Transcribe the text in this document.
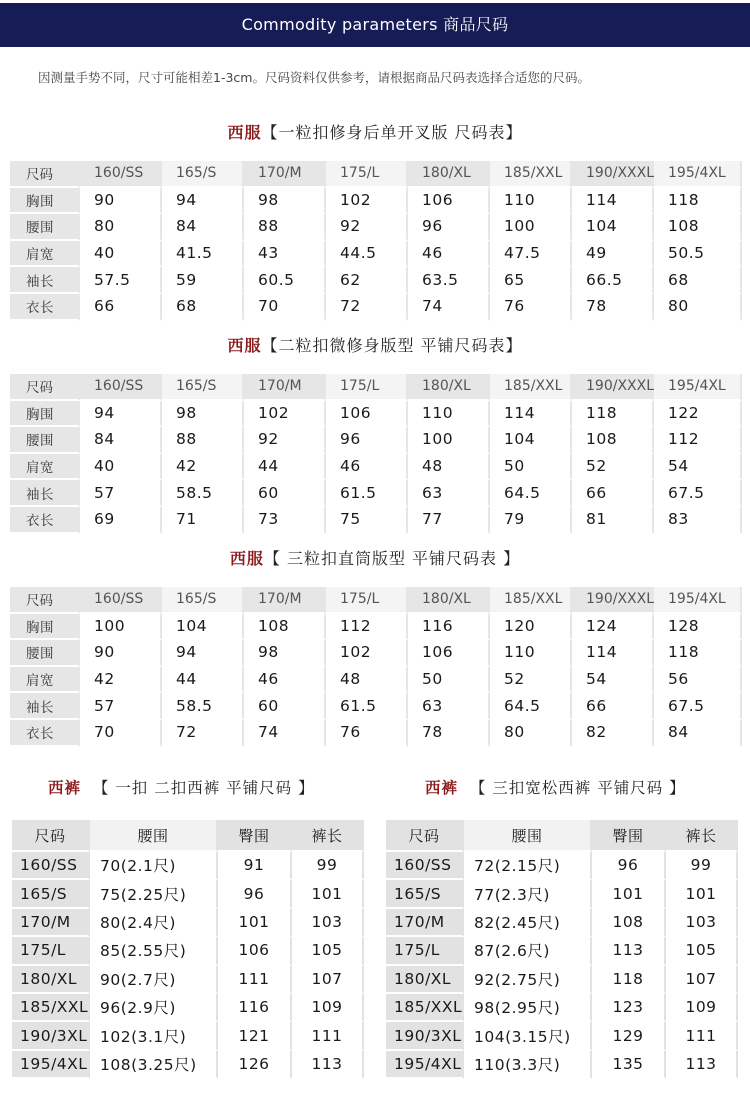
Commodity parameters 商品尺码
因测量手势不同，尺寸可能相差1-3cm。尺码资料仅供参考，请根据商品尺码表选择合适您的尺码。
西服【一粒扣修身后单开叉版 尺码表】
尺码	160/SS	165/S	170/M	175/L	180/XL	185/XXL	190/XXXL	195/4XL
胸围	90	94	98	102	106	110	114	118
腰围	80	84	88	92	96	100	104	108
肩宽	40	41.5	43	44.5	46	47.5	49	50.5
袖长	57.5	59	60.5	62	63.5	65	66.5	68
衣长	66	68	70	72	74	76	78	80
西服【二粒扣微修身版型 平铺尺码表】
尺码	160/SS	165/S	170/M	175/L	180/XL	185/XXL	190/XXXL	195/4XL
胸围	94	98	102	106	110	114	118	122
腰围	84	88	92	96	100	104	108	112
肩宽	40	42	44	46	48	50	52	54
袖长	57	58.5	60	61.5	63	64.5	66	67.5
衣长	69	71	73	75	77	79	81	83
西服【 三粒扣直筒版型 平铺尺码表 】
尺码	160/SS	165/S	170/M	175/L	180/XL	185/XXL	190/XXXL	195/4XL
胸围	100	104	108	112	116	120	124	128
腰围	90	94	98	102	106	110	114	118
肩宽	42	44	46	48	50	52	54	56
袖长	57	58.5	60	61.5	63	64.5	66	67.5
衣长	70	72	74	76	78	80	82	84
西裤 【 一扣 二扣西裤 平铺尺码 】
尺码	腰围	臀围	裤长
160/SS	70(2.1尺)	91	99
165/S	75(2.25尺)	96	101
170/M	80(2.4尺)	101	103
175/L	85(2.55尺)	106	105
180/XL	90(2.7尺)	111	107
185/XXL	96(2.9尺)	116	109
190/3XL	102(3.1尺)	121	111
195/4XL	108(3.25尺)	126	113
西裤 【 三扣宽松西裤 平铺尺码 】
尺码	腰围	臀围	裤长
160/SS	72(2.15尺)	96	99
165/S	77(2.3尺)	101	101
170/M	82(2.45尺)	108	103
175/L	87(2.6尺)	113	105
180/XL	92(2.75尺)	118	107
185/XXL	98(2.95尺)	123	109
190/3XL	104(3.15尺)	129	111
195/4XL	110(3.3尺)	135	113
